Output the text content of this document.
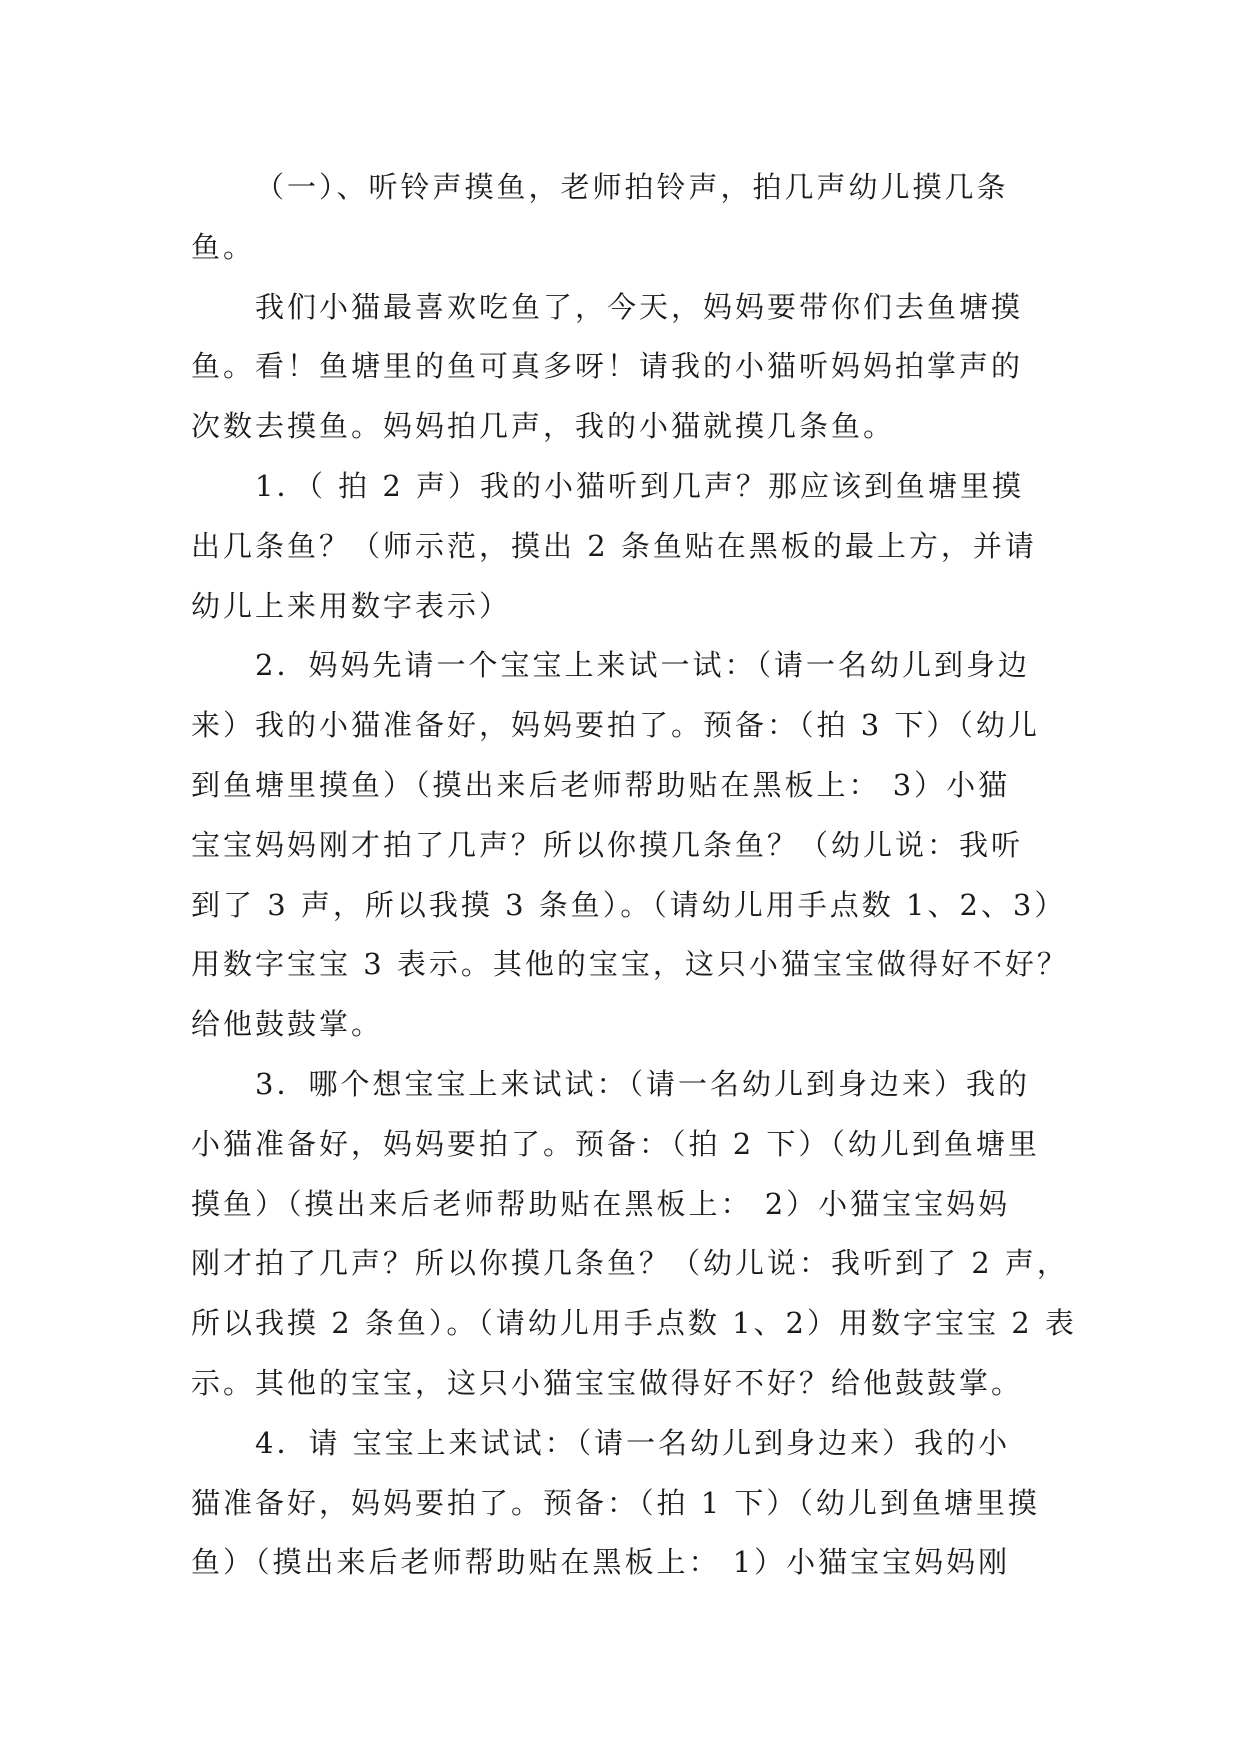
（一）、听铃声摸鱼，老师拍铃声，拍几声幼儿摸几条
鱼。
我们小猫最喜欢吃鱼了，今天，妈妈要带你们去鱼塘摸
鱼。看！鱼塘里的鱼可真多呀！请我的小猫听妈妈拍掌声的
次数去摸鱼。妈妈拍几声，我的小猫就摸几条鱼。
1．（ 拍 2 声）我的小猫听到几声？那应该到鱼塘里摸
出几条鱼？（师示范，摸出 2 条鱼贴在黑板的最上方，并请
幼儿上来用数字表示）
2．妈妈先请一个宝宝上来试一试：（请一名幼儿到身边
来）我的小猫准备好，妈妈要拍了。预备：（拍 3 下）（幼儿
到鱼塘里摸鱼）（摸出来后老师帮助贴在黑板上： 3）小猫
宝宝妈妈刚才拍了几声？所以你摸几条鱼？（幼儿说：我听
到了 3 声，所以我摸 3 条鱼）。（请幼儿用手点数 1、2、3）
用数字宝宝 3 表示。其他的宝宝，这只小猫宝宝做得好不好？
给他鼓鼓掌。
3．哪个想宝宝上来试试：（请一名幼儿到身边来）我的
小猫准备好，妈妈要拍了。预备：（拍 2 下）（幼儿到鱼塘里
摸鱼）（摸出来后老师帮助贴在黑板上： 2）小猫宝宝妈妈
刚才拍了几声？所以你摸几条鱼？（幼儿说：我听到了 2 声，
所以我摸 2 条鱼）。（请幼儿用手点数 1、2）用数字宝宝 2 表
示。其他的宝宝，这只小猫宝宝做得好不好？给他鼓鼓掌。
4．请 宝宝上来试试：（请一名幼儿到身边来）我的小
猫准备好，妈妈要拍了。预备：（拍 1 下）（幼儿到鱼塘里摸
鱼）（摸出来后老师帮助贴在黑板上： 1）小猫宝宝妈妈刚
